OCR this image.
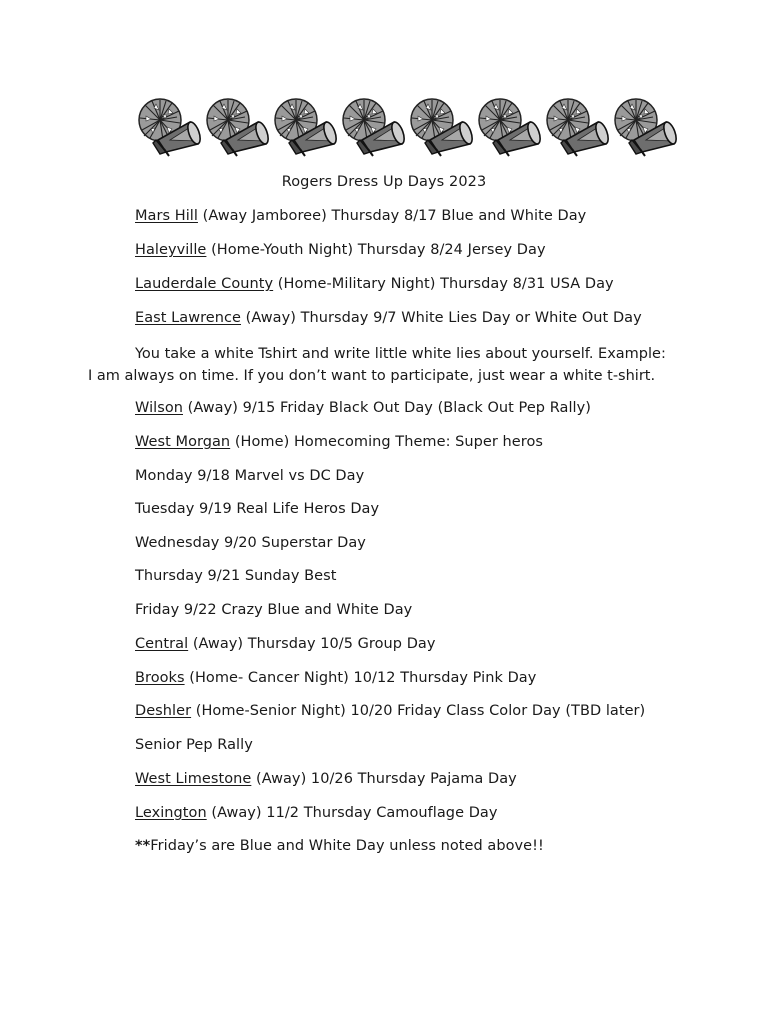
Rogers Dress Up Days 2023
Mars Hill (Away Jamboree) Thursday 8/17 Blue and White Day
Haleyville (Home-Youth Night) Thursday 8/24 Jersey Day
Lauderdale County (Home-Military Night) Thursday 8/31 USA Day
East Lawrence (Away) Thursday 9/7 White Lies Day or White Out Day
You take a white Tshirt and write little white lies about yourself. Example:
I am always on time. If you don’t want to participate, just wear a white t-shirt.
Wilson (Away) 9/15 Friday Black Out Day (Black Out Pep Rally)
West Morgan (Home) Homecoming Theme: Super heros
Monday 9/18 Marvel vs DC Day
Tuesday 9/19 Real Life Heros Day
Wednesday 9/20 Superstar Day
Thursday 9/21 Sunday Best
Friday 9/22 Crazy Blue and White Day
Central (Away) Thursday 10/5 Group Day
Brooks (Home- Cancer Night) 10/12 Thursday Pink Day
Deshler (Home-Senior Night) 10/20 Friday Class Color Day (TBD later)
Senior Pep Rally
West Limestone (Away) 10/26 Thursday Pajama Day
Lexington (Away) 11/2 Thursday Camouflage Day
**Friday’s are Blue and White Day unless noted above!!
